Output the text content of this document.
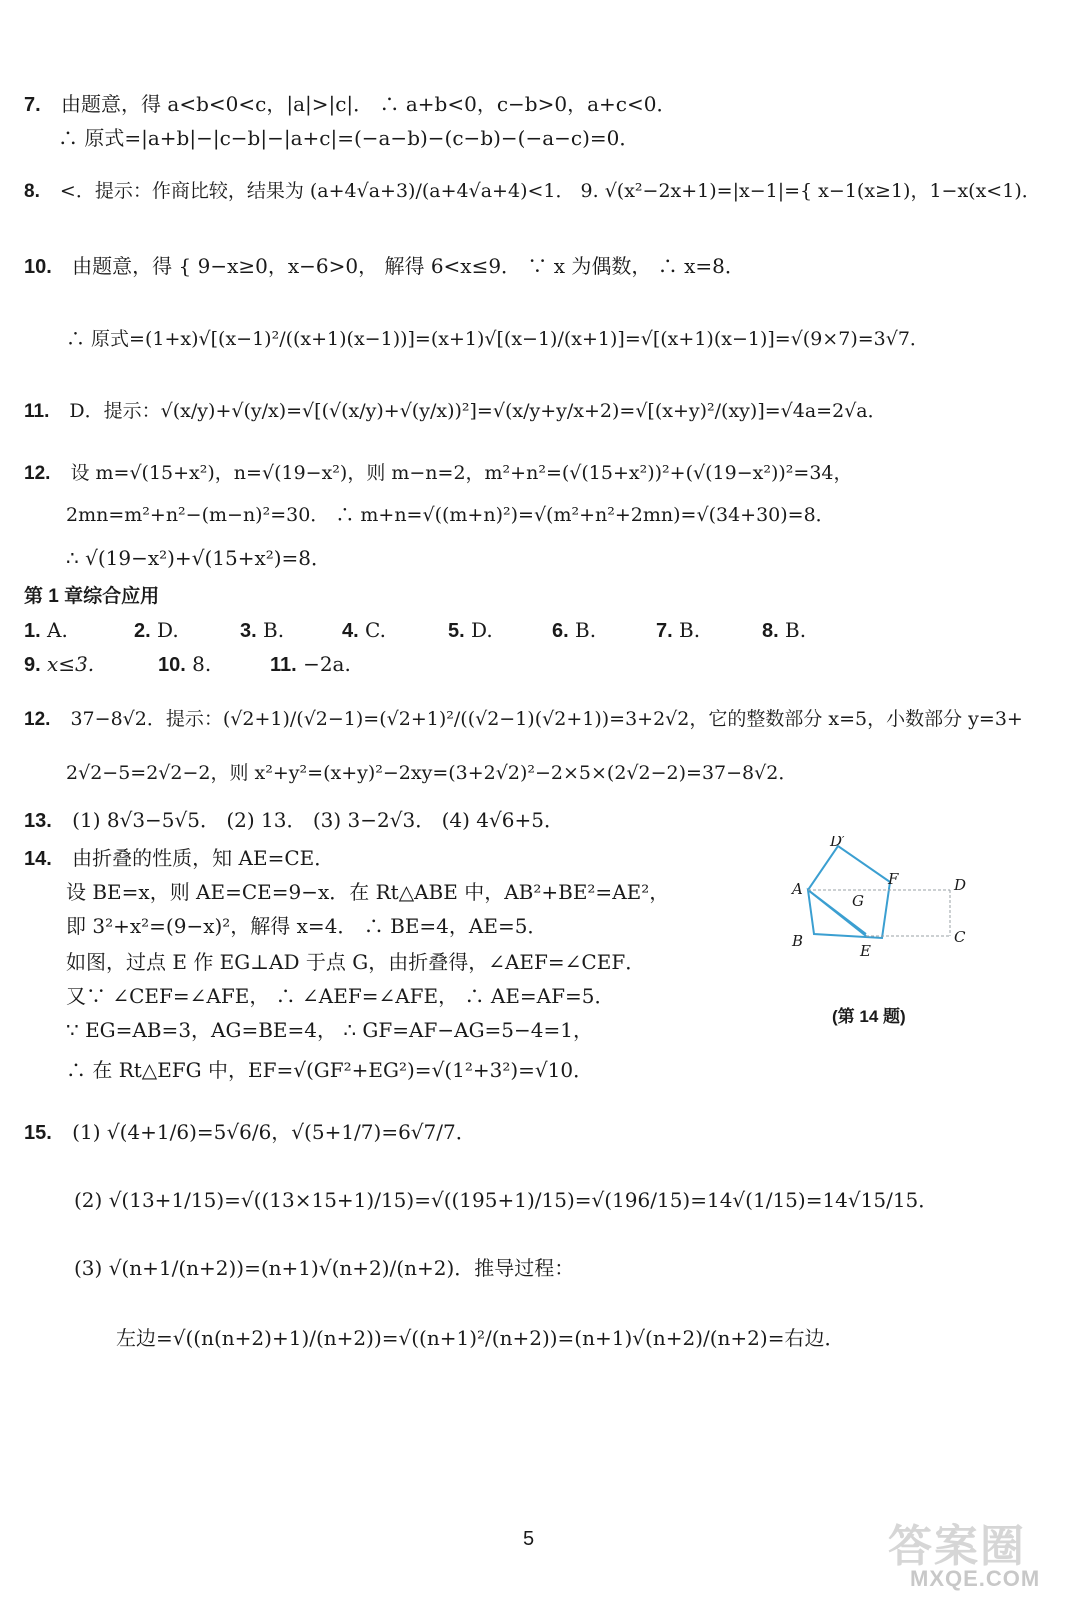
7. 由题意，得 a<b<0<c，|a|>|c|． ∴ a+b<0，c−b>0，a+c<0．
∴ 原式=|a+b|−|c−b|−|a+c|=(−a−b)−(c−b)−(−a−c)=0．
8. <．提示：作商比较，结果为 (a+4√a+3)/(a+4√a+4)<1． 9. √(x²−2x+1)=|x−1|={ x−1(x≥1)，1−x(x<1)．
10. 由题意，得 { 9−x≥0，x−6>0， 解得 6<x≤9． ∵ x 为偶数， ∴ x=8．
∴ 原式=(1+x)√[(x−1)²/((x+1)(x−1))]=(x+1)√[(x−1)/(x+1)]=√[(x+1)(x−1)]=√(9×7)=3√7．
11. D．提示：√(x/y)+√(y/x)=√[(√(x/y)+√(y/x))²]=√(x/y+y/x+2)=√[(x+y)²/(xy)]=√4a=2√a．
12. 设 m=√(15+x²)，n=√(19−x²)，则 m−n=2，m²+n²=(√(15+x²))²+(√(19−x²))²=34，
2mn=m²+n²−(m−n)²=30． ∴ m+n=√((m+n)²)=√(m²+n²+2mn)=√(34+30)=8．
∴ √(19−x²)+√(15+x²)=8．
第 1 章综合应用
1. A.	2. D.	3. B.	4. C.	5. D.	6. B.	7. B.	8. B.
9. x≤3.	10. 8.	11. −2a.
12. 37−8√2．提示：(√2+1)/(√2−1)=(√2+1)²/((√2−1)(√2+1))=3+2√2，它的整数部分 x=5，小数部分 y=3+
2√2−5=2√2−2，则 x²+y²=(x+y)²−2xy=(3+2√2)²−2×5×(2√2−2)=37−8√2．
13. (1) 8√3−5√5． (2) 13． (3) 3−2√3． (4) 4√6+5．
14. 由折叠的性质，知 AE=CE．
设 BE=x，则 AE=CE=9−x．在 Rt△ABE 中，AB²+BE²=AE²，
即 3²+x²=(9−x)²，解得 x=4． ∴ BE=4，AE=5．
如图，过点 E 作 EG⊥AD 于点 G，由折叠得，∠AEF=∠CEF．
又∵ ∠CEF=∠AFE， ∴ ∠AEF=∠AFE， ∴ AE=AF=5．
∵ EG=AB=3，AG=BE=4， ∴ GF=AF−AG=5−4=1，
∴ 在 Rt△EFG 中，EF=√(GF²+EG²)=√(1²+3²)=√10．
D′
A
F	D
G
B
E
C
(第 14 题)
15. (1) √(4+1/6)=5√6/6，√(5+1/7)=6√7/7．
(2) √(13+1/15)=√((13×15+1)/15)=√((195+1)/15)=√(196/15)=14√(1/15)=14√15/15．
(3) √(n+1/(n+2))=(n+1)√(n+2)/(n+2)．推导过程：
左边=√((n(n+2)+1)/(n+2))=√((n+1)²/(n+2))=(n+1)√(n+2)/(n+2)=右边．
5	答案圈
MXQE.COM
